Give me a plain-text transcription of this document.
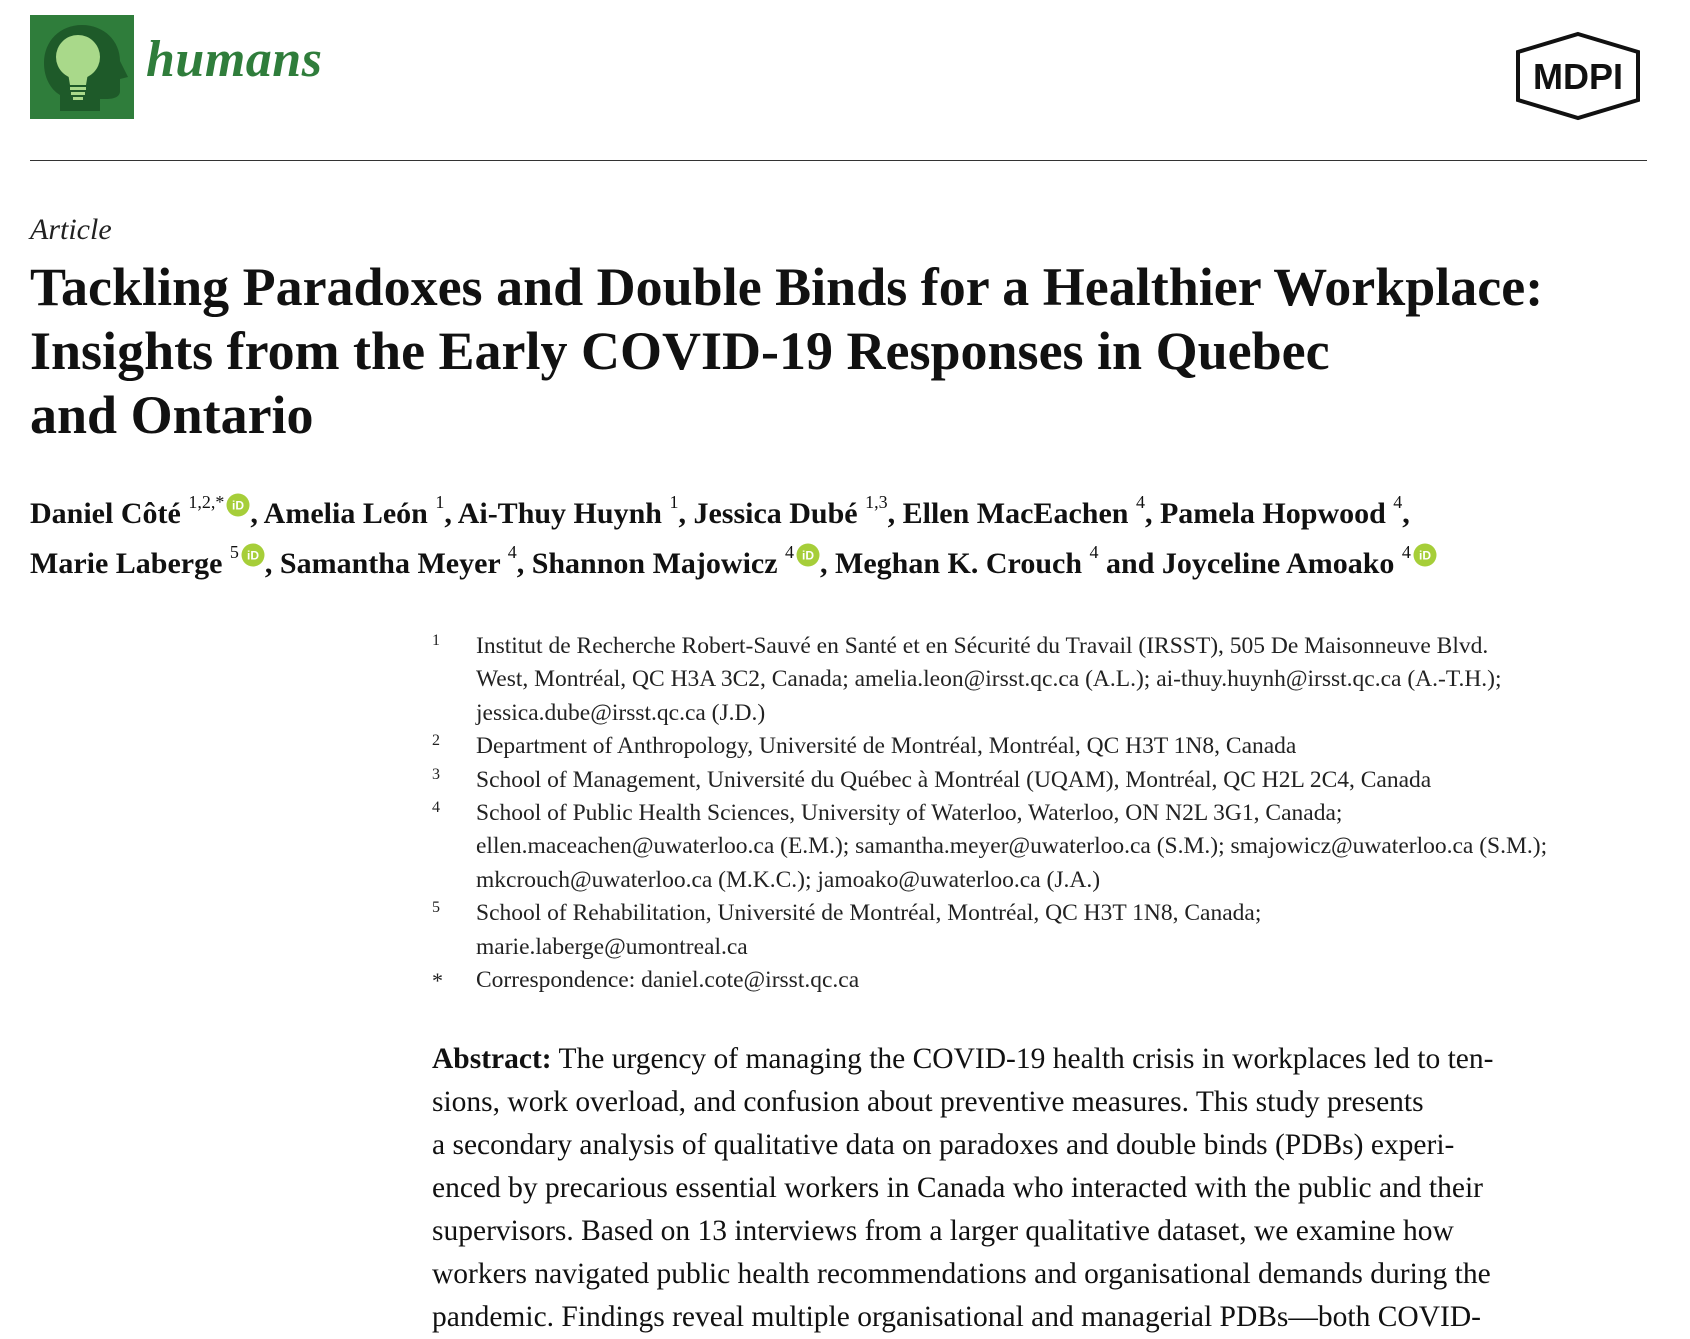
humans	MDPI
Article
Tackling Paradoxes and Double Binds for a Healthier Workplace:
Insights from the Early COVID-19 Responses in Quebec
and Ontario
Daniel Côté $^{1,2,*}$ iD , Amelia León $^1$, Ai-Thuy Huynh $^1$, Jessica Dubé $^{1,3}$, Ellen MacEachen $^4$, Pamela Hopwood $^4$,
Marie Laberge $^5$ iD , Samantha Meyer $^4$, Shannon Majowicz $^4$ iD , Meghan K. Crouch $^4$ and Joyceline Amoako $^4$ iD
1 Institut de Recherche Robert-Sauvé en Santé et en Sécurité du Travail (IRSST), 505 De Maisonneuve Blvd.
West, Montréal, QC H3A 3C2, Canada; amelia.leon@irsst.qc.ca (A.L.); ai-thuy.huynh@irsst.qc.ca (A.-T.H.);
jessica.dube@irsst.qc.ca (J.D.)
2 Department of Anthropology, Université de Montréal, Montréal, QC H3T 1N8, Canada
3 School of Management, Université du Québec à Montréal (UQAM), Montréal, QC H2L 2C4, Canada
4 School of Public Health Sciences, University of Waterloo, Waterloo, ON N2L 3G1, Canada;
ellen.maceachen@uwaterloo.ca (E.M.); samantha.meyer@uwaterloo.ca (S.M.); smajowicz@uwaterloo.ca (S.M.);
mkcrouch@uwaterloo.ca (M.K.C.); jamoako@uwaterloo.ca (J.A.)
5 School of Rehabilitation, Université de Montréal, Montréal, QC H3T 1N8, Canada;
marie.laberge@umontreal.ca
* Correspondence: daniel.cote@irsst.qc.ca
Abstract: The urgency of managing the COVID-19 health crisis in workplaces led to ten-
sions, work overload, and confusion about preventive measures. This study presents
a secondary analysis of qualitative data on paradoxes and double binds (PDBs) experi-
enced by precarious essential workers in Canada who interacted with the public and their
supervisors. Based on 13 interviews from a larger qualitative dataset, we examine how
workers navigated public health recommendations and organisational demands during the
pandemic. Findings reveal multiple organisational and managerial PDBs—both COVID-
